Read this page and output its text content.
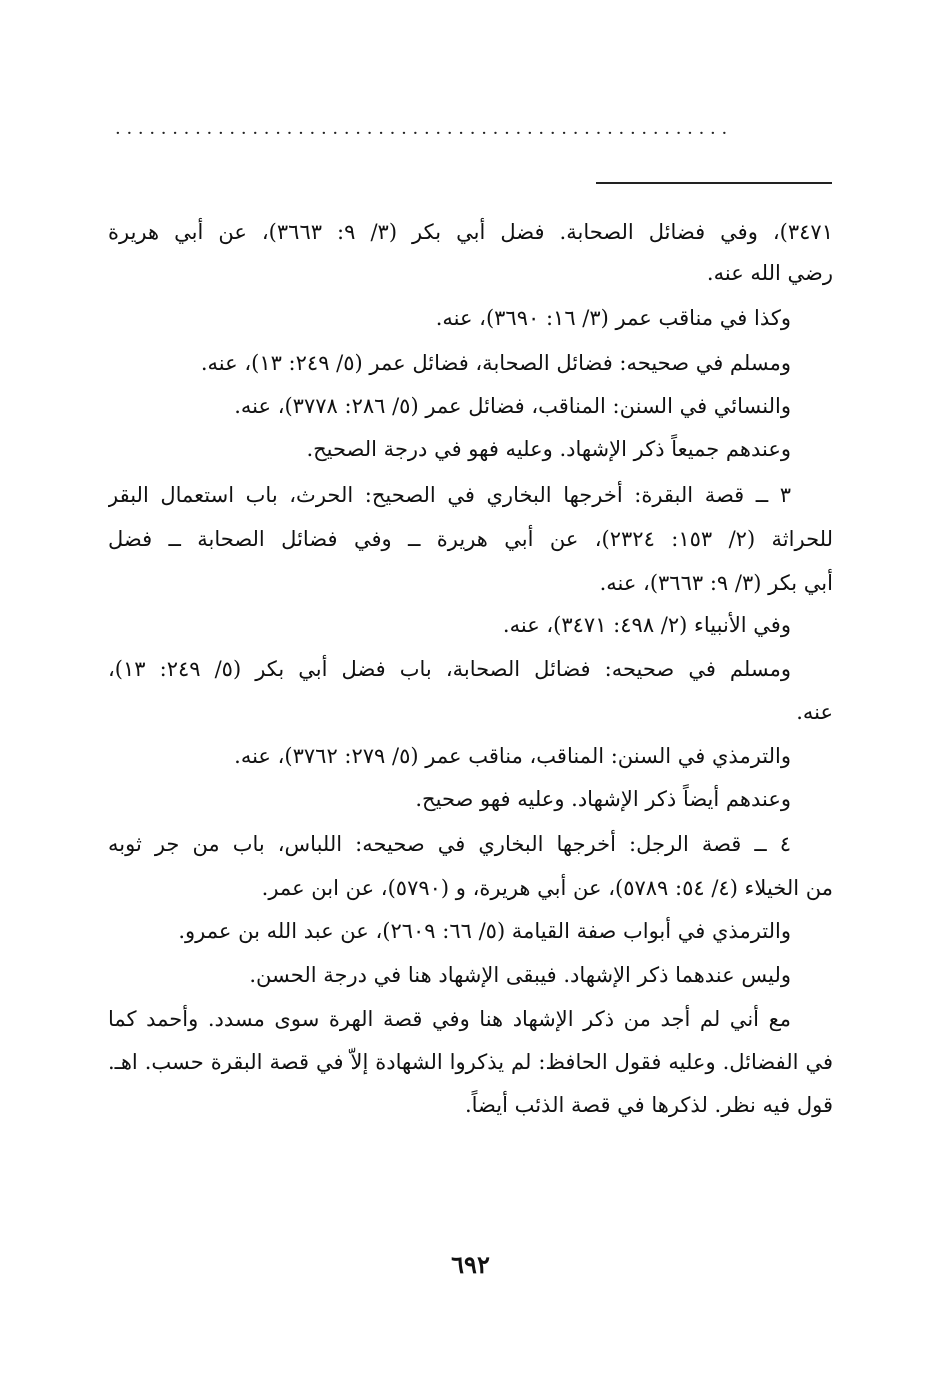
· · · · · · · · · · · · · · · · · · · · · · · · · · · · · · · · · · · · · · · · · · · · · · · · · · · · · ·
٣٤٧١)، وفي فضائل الصحابة. فضل أبي بكر (٣/ ٩: ٣٦٦٣)، عن أبي هريرة
رضي الله عنه.
وكذا في مناقب عمر (٣/ ١٦: ٣٦٩٠)، عنه.
ومسلم في صحيحه: فضائل الصحابة، فضائل عمر (٥/ ٢٤٩: ١٣)، عنه.
والنسائي في السنن: المناقب، فضائل عمر (٥/ ٢٨٦: ٣٧٧٨)، عنه.
وعندهم جميعاً ذكر الإشهاد. وعليه فهو في درجة الصحيح.
٣ ــ قصة البقرة: أخرجها البخاري في الصحيح: الحرث، باب استعمال البقر
للحراثة (٢/ ١٥٣: ٢٣٢٤)، عن أبي هريرة ــ وفي فضائل الصحابة ــ فضل
أبي بكر (٣/ ٩: ٣٦٦٣)، عنه.
وفي الأنبياء (٢/ ٤٩٨: ٣٤٧١)، عنه.
ومسلم في صحيحه: فضائل الصحابة، باب فضل أبي بكر (٥/ ٢٤٩: ١٣)،
عنه.
والترمذي في السنن: المناقب، مناقب عمر (٥/ ٢٧٩: ٣٧٦٢)، عنه.
وعندهم أيضاً ذكر الإشهاد. وعليه فهو صحيح.
٤ ــ قصة الرجل: أخرجها البخاري في صحيحه: اللباس، باب من جر ثوبه
من الخيلاء (٤/ ٥٤: ٥٧٨٩)، عن أبي هريرة، و (٥٧٩٠)، عن ابن عمر.
والترمذي في أبواب صفة القيامة (٥/ ٦٦: ٢٦٠٩)، عن عبد الله بن عمرو.
وليس عندهما ذكر الإشهاد. فيبقى الإشهاد هنا في درجة الحسن.
مع أني لم أجد من ذكر الإشهاد هنا وفي قصة الهرة سوى مسدد. وأحمد كما
في الفضائل. وعليه فقول الحافظ: لم يذكروا الشهادة إلاّ في قصة البقرة حسب. اهـ.
قول فيه نظر. لذكرها في قصة الذئب أيضاً.
٦٩٢
